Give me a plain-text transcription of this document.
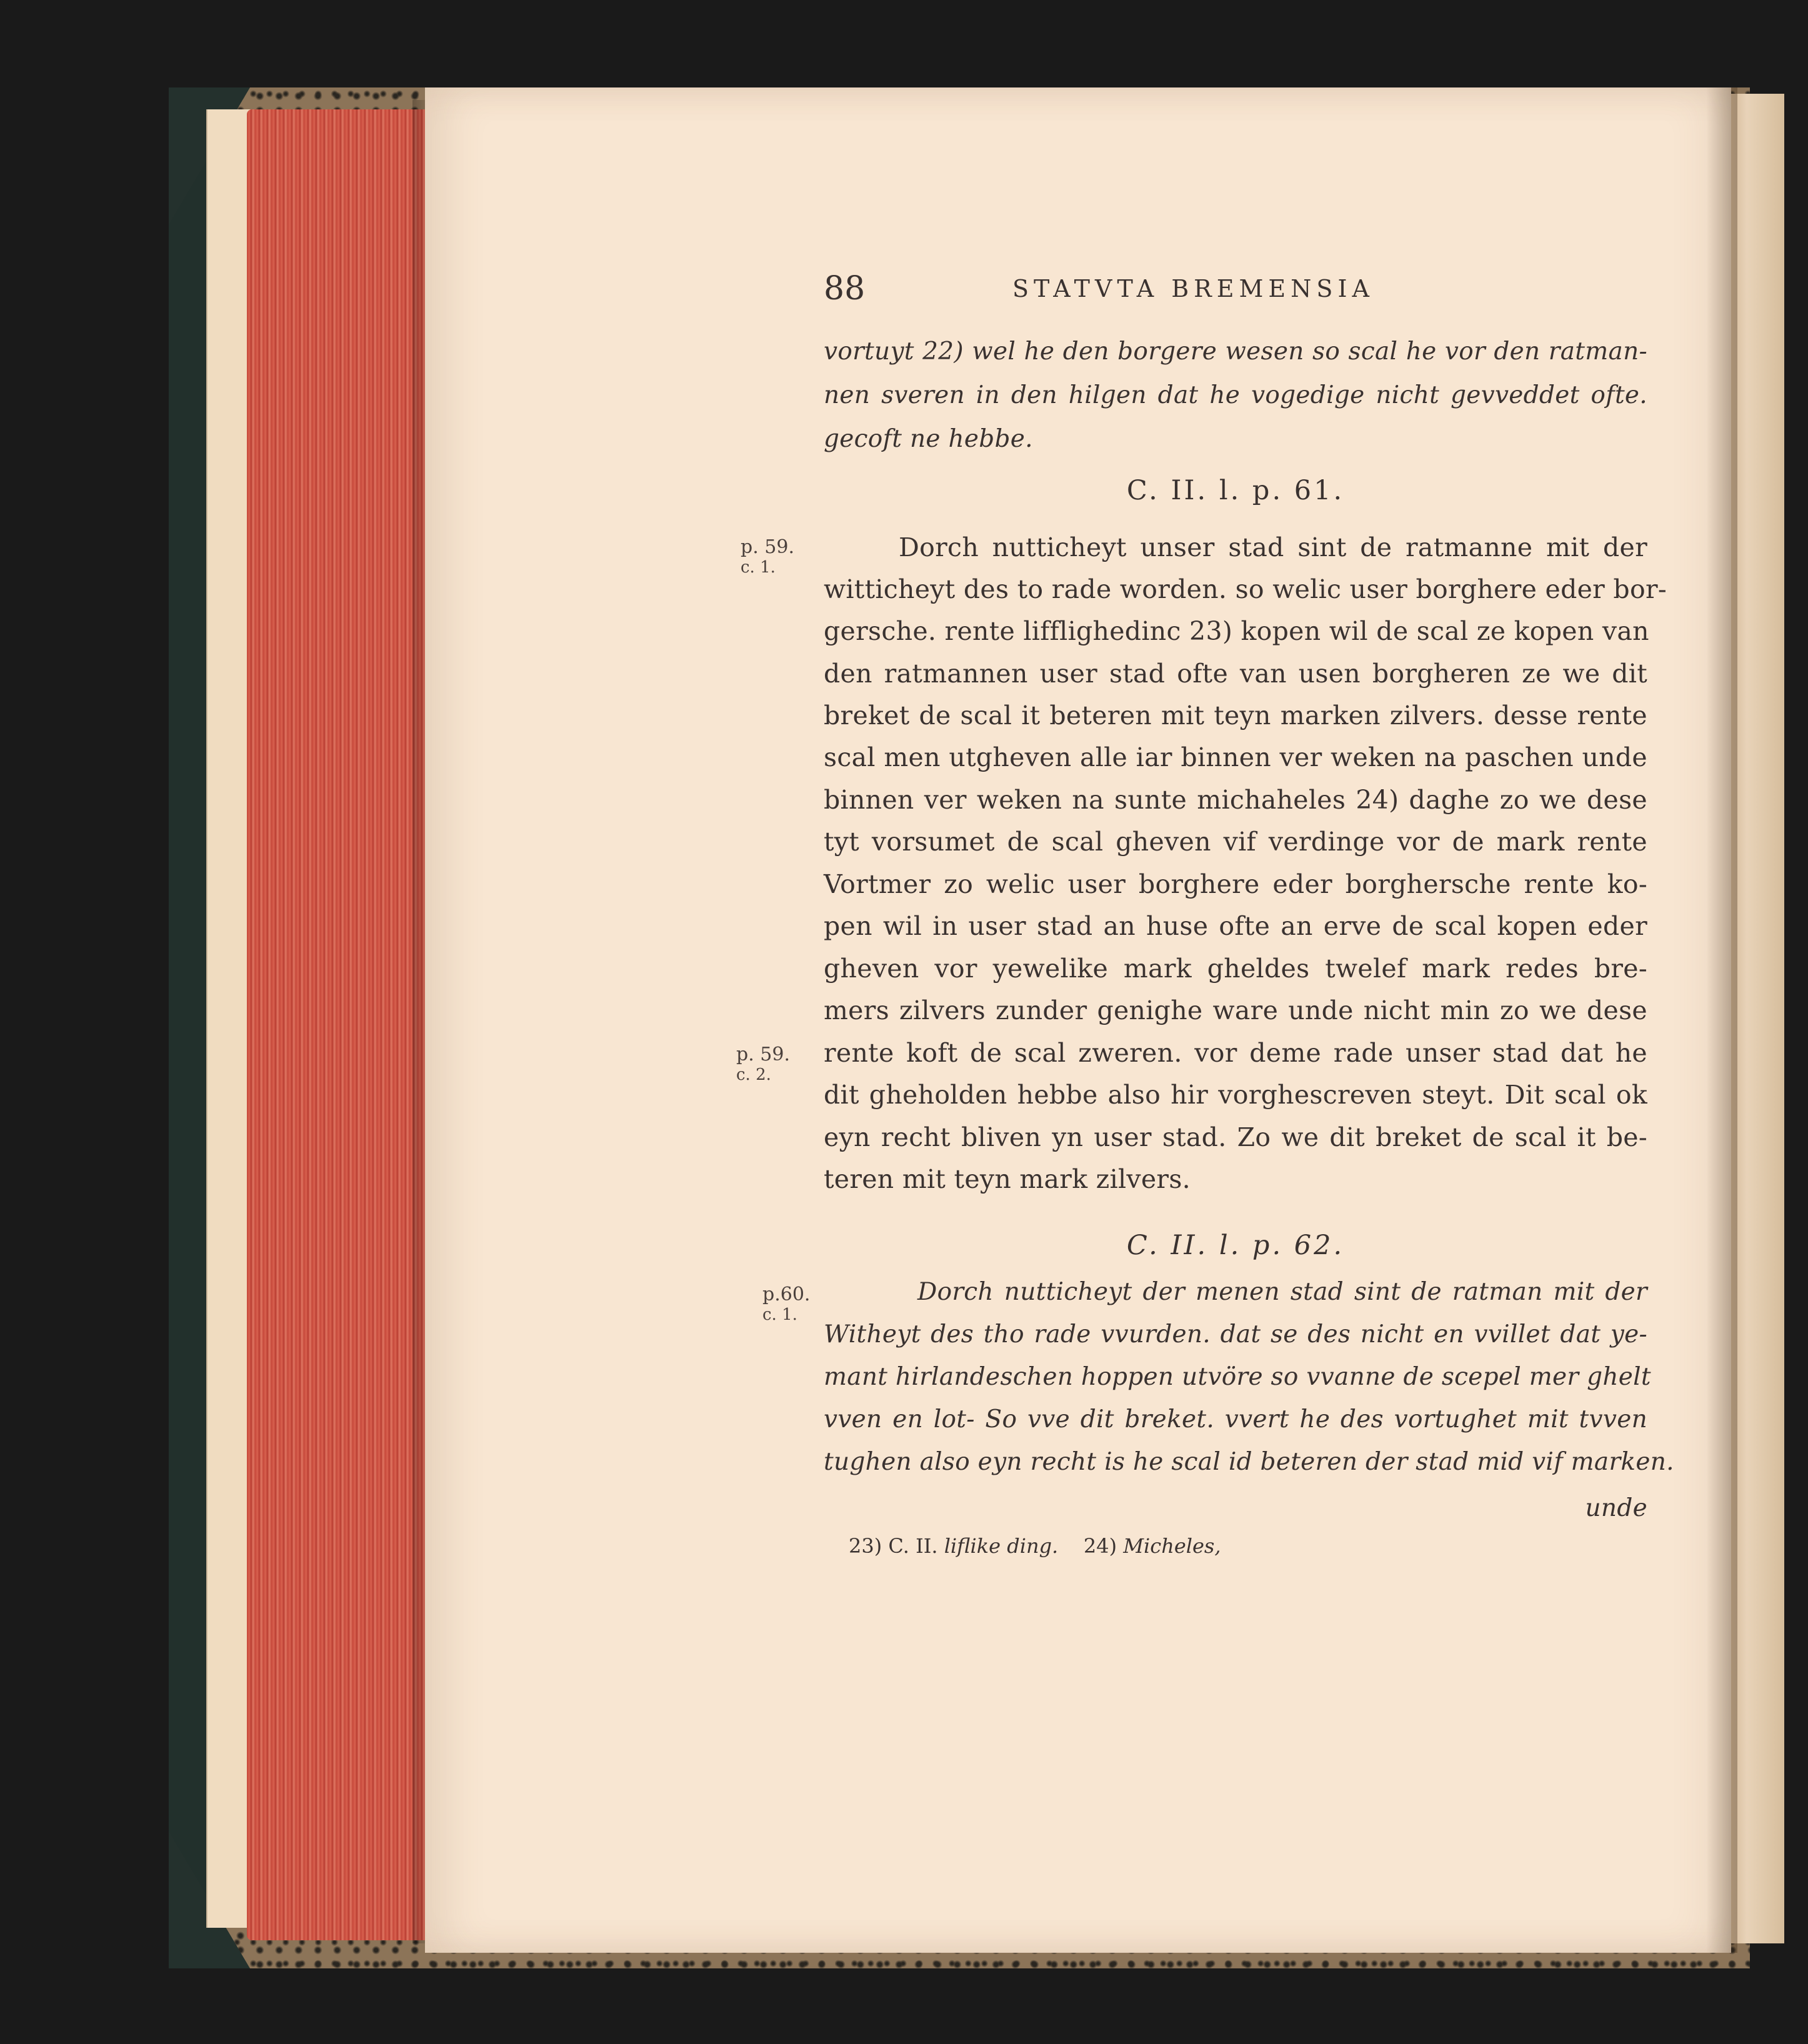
88	STATVTA BREMENSIA
vortuyt 22) wel he den borgere wesen so scal he vor den ratman-
nen sveren in den hilgen dat he vogedige nicht gevveddet ofte.
gecoft ne hebbe.
C. II. l. p. 61.
p. 59.
c. 1.
p. 59.
c. 2.
Dorch nutticheyt unser stad sint de ratmanne mit der
witticheyt des to rade worden. so welic user borghere eder bor-
gersche. rente lifflighedinc 23) kopen wil de scal ze kopen van
den ratmannen user stad ofte van usen borgheren ze we dit
breket de scal it beteren mit teyn marken zilvers. desse rente
scal men utgheven alle iar binnen ver weken na paschen unde
binnen ver weken na sunte michaheles 24) daghe zo we dese
tyt vorsumet de scal gheven vif verdinge vor de mark rente
Vortmer zo welic user borghere eder borghersche rente ko-
pen wil in user stad an huse ofte an erve de scal kopen eder
gheven vor yewelike mark gheldes twelef mark redes bre-
mers zilvers zunder genighe ware unde nicht min zo we dese
rente koft de scal zweren. vor deme rade unser stad dat he
dit gheholden hebbe also hir vorghescreven steyt. Dit scal ok
eyn recht bliven yn user stad. Zo we dit breket de scal it be-
teren mit teyn mark zilvers.
C. II. l. p. 62.
p.60.
c. 1.
Dorch nutticheyt der menen stad sint de ratman mit der
Witheyt des tho rade vvurden. dat se des nicht en vvillet dat ye-
mant hirlandeschen hoppen utvöre so vvanne de scepel mer ghelt
vven en lot- So vve dit breket. vvert he des vortughet mit tvven
tughen also eyn recht is he scal id beteren der stad mid vif marken.
unde
23) C. II. liflike ding. 24) Micheles,
